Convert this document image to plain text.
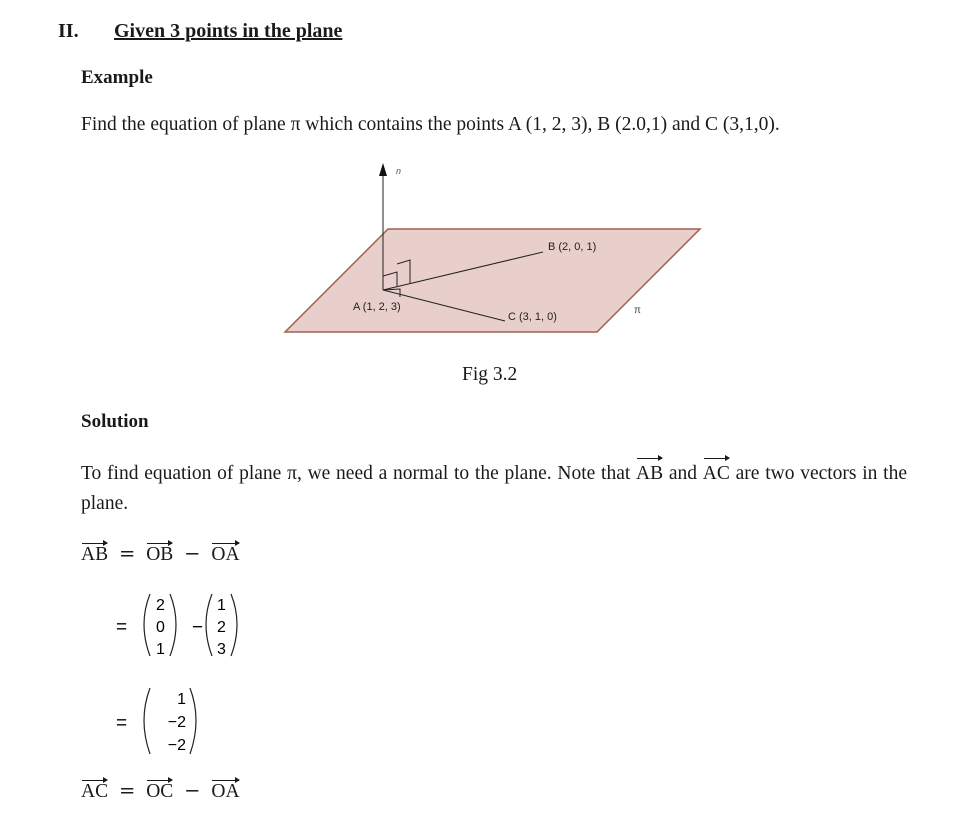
II. Given 3 points in the plane
Example
Find the equation of plane π which contains the points A (1, 2, 3), B (2.0,1) and C (3,1,0).
n
A (1, 2, 3)
B (2, 0, 1)
C (3, 1, 0)
π
Fig 3.2
Solution
To find equation of plane π, we need a normal to the plane. Note that AB and AC are two vectors in the plane.
AB = OB − OA
=
2
0
1
−
1
2
3
=
1
−2
−2
AC = OC − OA
